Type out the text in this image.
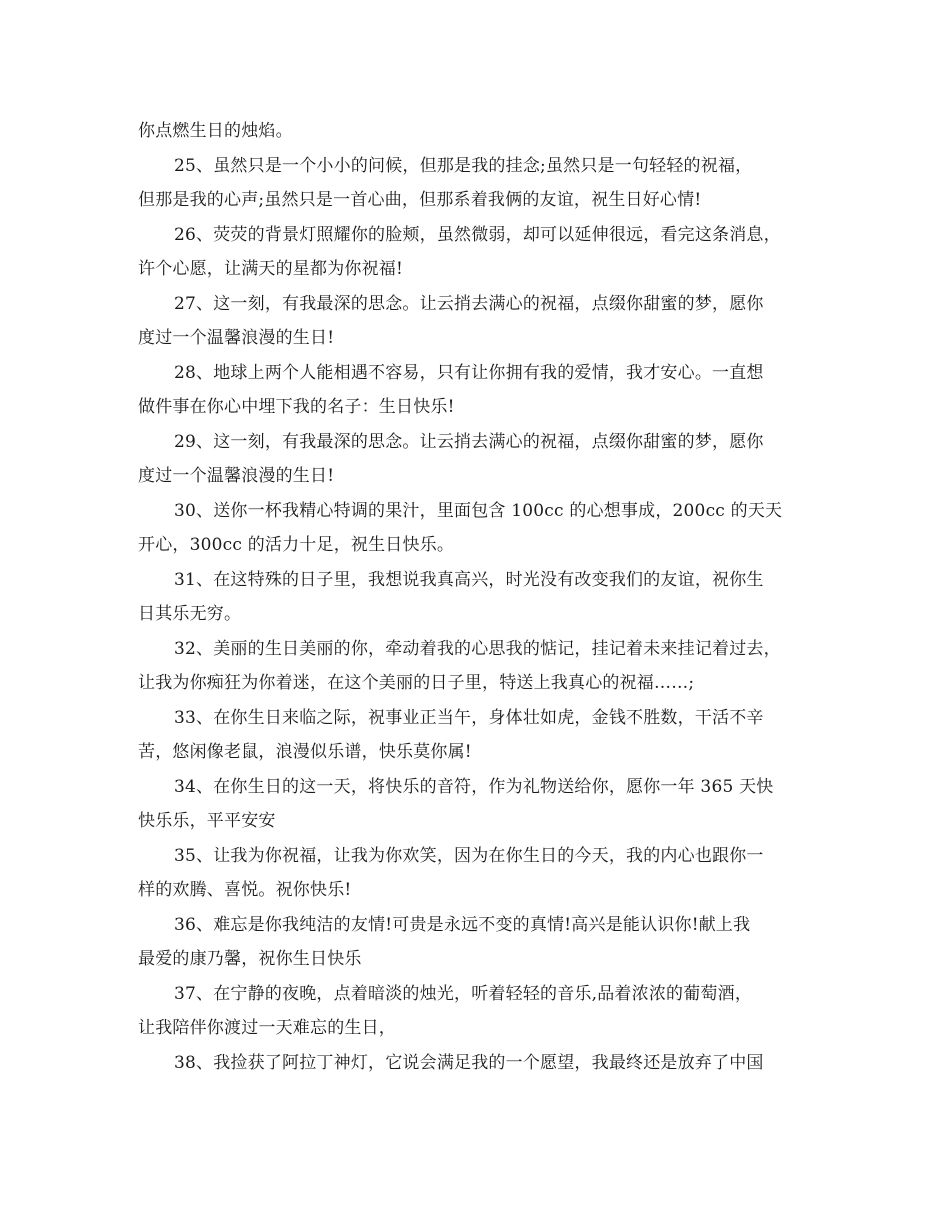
你点燃生日的烛焰。
25、虽然只是一个小小的问候，但那是我的挂念;虽然只是一句轻轻的祝福，
但那是我的心声;虽然只是一首心曲，但那系着我俩的友谊，祝生日好心情!
26、荧荧的背景灯照耀你的脸颊，虽然微弱，却可以延伸很远，看完这条消息，
许个心愿，让满天的星都为你祝福!
27、这一刻，有我最深的思念。让云捎去满心的祝福，点缀你甜蜜的梦，愿你
度过一个温馨浪漫的生日!
28、地球上两个人能相遇不容易，只有让你拥有我的爱情，我才安心。一直想
做件事在你心中埋下我的名子：生日快乐!
29、这一刻，有我最深的思念。让云捎去满心的祝福，点缀你甜蜜的梦，愿你
度过一个温馨浪漫的生日!
30、送你一杯我精心特调的果汁，里面包含 100cc 的心想事成，200cc 的天天
开心，300cc 的活力十足，祝生日快乐。
31、在这特殊的日子里，我想说我真高兴，时光没有改变我们的友谊，祝你生
日其乐无穷。
32、美丽的生日美丽的你，牵动着我的心思我的惦记，挂记着未来挂记着过去，
让我为你痴狂为你着迷，在这个美丽的日子里，特送上我真心的祝福……;
33、在你生日来临之际，祝事业正当午，身体壮如虎，金钱不胜数，干活不辛
苦，悠闲像老鼠，浪漫似乐谱，快乐莫你属!
34、在你生日的这一天，将快乐的音符，作为礼物送给你，愿你一年 365 天快
快乐乐，平平安安
35、让我为你祝福，让我为你欢笑，因为在你生日的今天，我的内心也跟你一
样的欢腾、喜悦。祝你快乐!
36、难忘是你我纯洁的友情!可贵是永远不变的真情!高兴是能认识你!献上我
最爱的康乃馨，祝你生日快乐
37、在宁静的夜晚，点着暗淡的烛光，听着轻轻的音乐,品着浓浓的葡萄酒，
让我陪伴你渡过一天难忘的生日，
38、我捡获了阿拉丁神灯，它说会满足我的一个愿望，我最终还是放弃了中国
